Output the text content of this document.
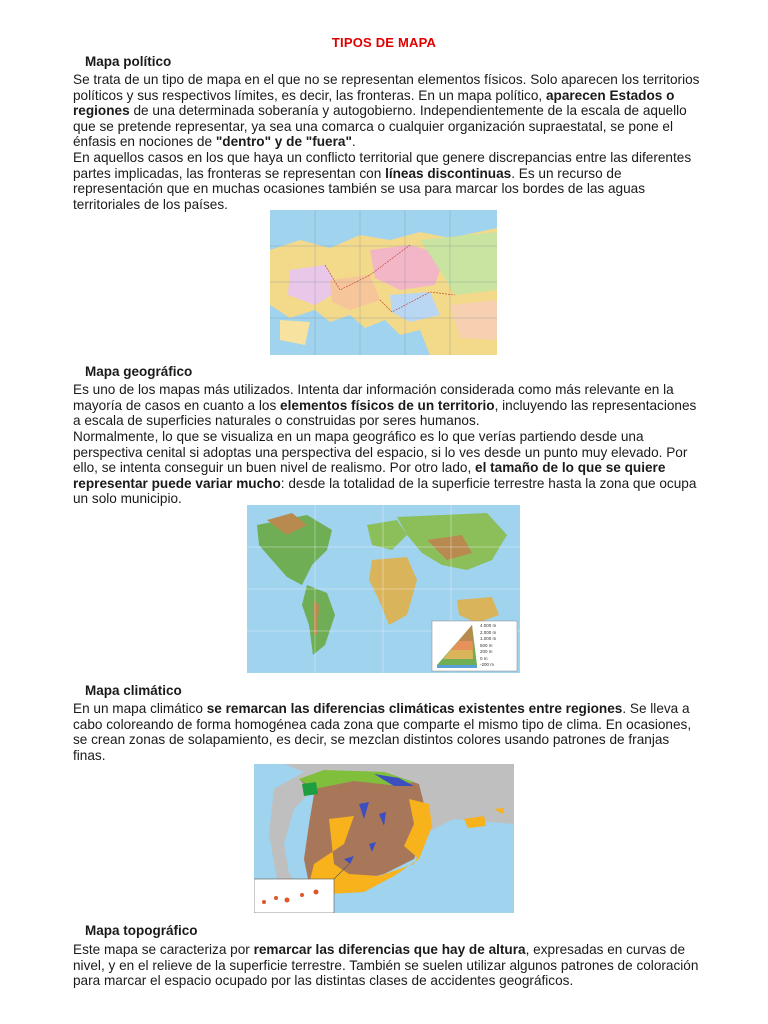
TIPOS DE MAPA
Mapa político

Se trata de un tipo de mapa en el que no se representan elementos físicos. Solo aparecen los territorios políticos y sus respectivos límites, es decir, las fronteras. En un mapa político, aparecen Estados o regiones de una determinada soberanía y autogobierno. Independientemente de la escala de aquello que se pretende representar, ya sea una comarca o cualquier organización supraestatal, se pone el énfasis en nociones de "dentro" y de "fuera".

En aquellos casos en los que haya un conflicto territorial que genere discrepancias entre las diferentes partes implicadas, las fronteras se representan con líneas discontinuas. Es un recurso de representación que en muchas ocasiones también se usa para marcar los bordes de las aguas territoriales de los países.

Mapa geográfico

Es uno de los mapas más utilizados. Intenta dar información considerada como más relevante en la mayoría de casos en cuanto a los elementos físicos de un territorio, incluyendo las representaciones a escala de superficies naturales o construidas por seres humanos.

Normalmente, lo que se visualiza en un mapa geográfico es lo que verías partiendo desde una perspectiva cenital si adoptas una perspectiva del espacio, si lo ves desde un punto muy elevado. Por ello, se intenta conseguir un buen nivel de realismo. Por otro lado, el tamaño de lo que se quiere representar puede variar mucho: desde la totalidad de la superficie terrestre hasta la zona que ocupa un solo municipio.

4.000 m
2.000 m
1.000 m
500 m
200 m
0 m
-200 m
Mapa climático

En un mapa climático se remarcan las diferencias climáticas existentes entre regiones. Se lleva a cabo coloreando de forma homogénea cada zona que comparte el mismo tipo de clima. En ocasiones, se crean zonas de solapamiento, es decir, se mezclan distintos colores usando patrones de franjas finas.

Mapa topográfico

Este mapa se caracteriza por remarcar las diferencias que hay de altura, expresadas en curvas de nivel, y en el relieve de la superficie terrestre. También se suelen utilizar algunos patrones de coloración para marcar el espacio ocupado por las distintas clases de accidentes geográficos.
